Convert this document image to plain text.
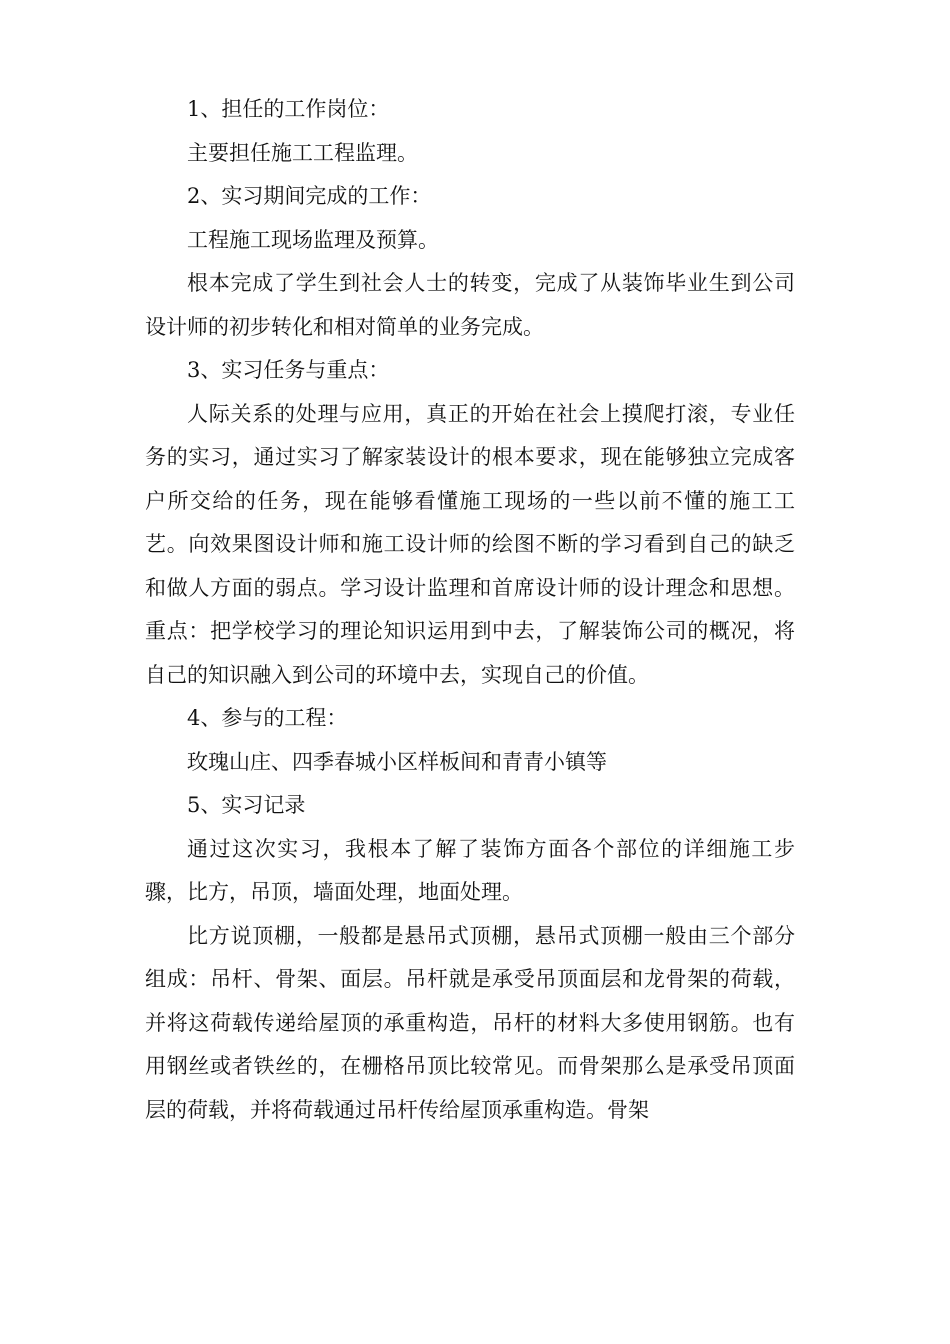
1、担任的工作岗位：

主要担任施工工程监理。

2、实习期间完成的工作：

工程施工现场监理及预算。

根本完成了学生到社会人士的转变，完成了从装饰毕业生到公司设计师的初步转化和相对简单的业务完成。

3、实习任务与重点：

人际关系的处理与应用，真正的开始在社会上摸爬打滚，专业任务的实习，通过实习了解家装设计的根本要求，现在能够独立完成客户所交给的任务，现在能够看懂施工现场的一些以前不懂的施工工艺。向效果图设计师和施工设计师的绘图不断的学习看到自己的缺乏和做人方面的弱点。学习设计监理和首席设计师的设计理念和思想。重点：把学校学习的理论知识运用到中去，了解装饰公司的概况，将自己的知识融入到公司的环境中去，实现自己的价值。

4、参与的工程：

玫瑰山庄、四季春城小区样板间和青青小镇等

5、实习记录

通过这次实习，我根本了解了装饰方面各个部位的详细施工步骤，比方，吊顶，墙面处理，地面处理。

比方说顶棚，一般都是悬吊式顶棚，悬吊式顶棚一般由三个部分组成：吊杆、骨架、面层。吊杆就是承受吊顶面层和龙骨架的荷载，并将这荷载传递给屋顶的承重构造，吊杆的材料大多使用钢筋。也有用钢丝或者铁丝的，在栅格吊顶比较常见。而骨架那么是承受吊顶面层的荷载，并将荷载通过吊杆传给屋顶承重构造。骨架
